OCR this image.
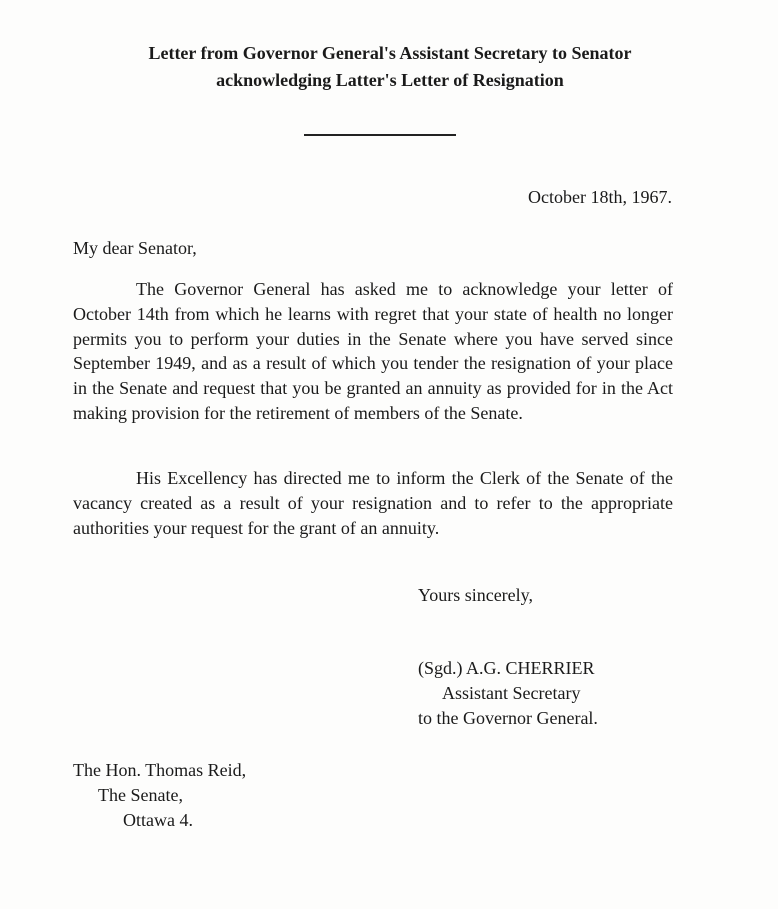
Letter from Governor General's Assistant Secretary to Senator
acknowledging Latter's Letter of Resignation
October 18th, 1967.
My dear Senator,

The Governor General has asked me to acknowledge your letter of October 14th from which he learns with regret that your state of health no longer permits you to perform your duties in the Senate where you have served since September 1949, and as a result of which you tender the resignation of your place in the Senate and request that you be granted an annuity as provided for in the Act making provision for the retirement of members of the Senate.

His Excellency has directed me to inform the Clerk of the Senate of the vacancy created as a result of your resignation and to refer to the appropriate authorities your request for the grant of an annuity.

Yours sincerely,
(Sgd.) A.G. CHERRIER
Assistant Secretary
to the Governor General.
The Hon. Thomas Reid,
The Senate,
Ottawa 4.
